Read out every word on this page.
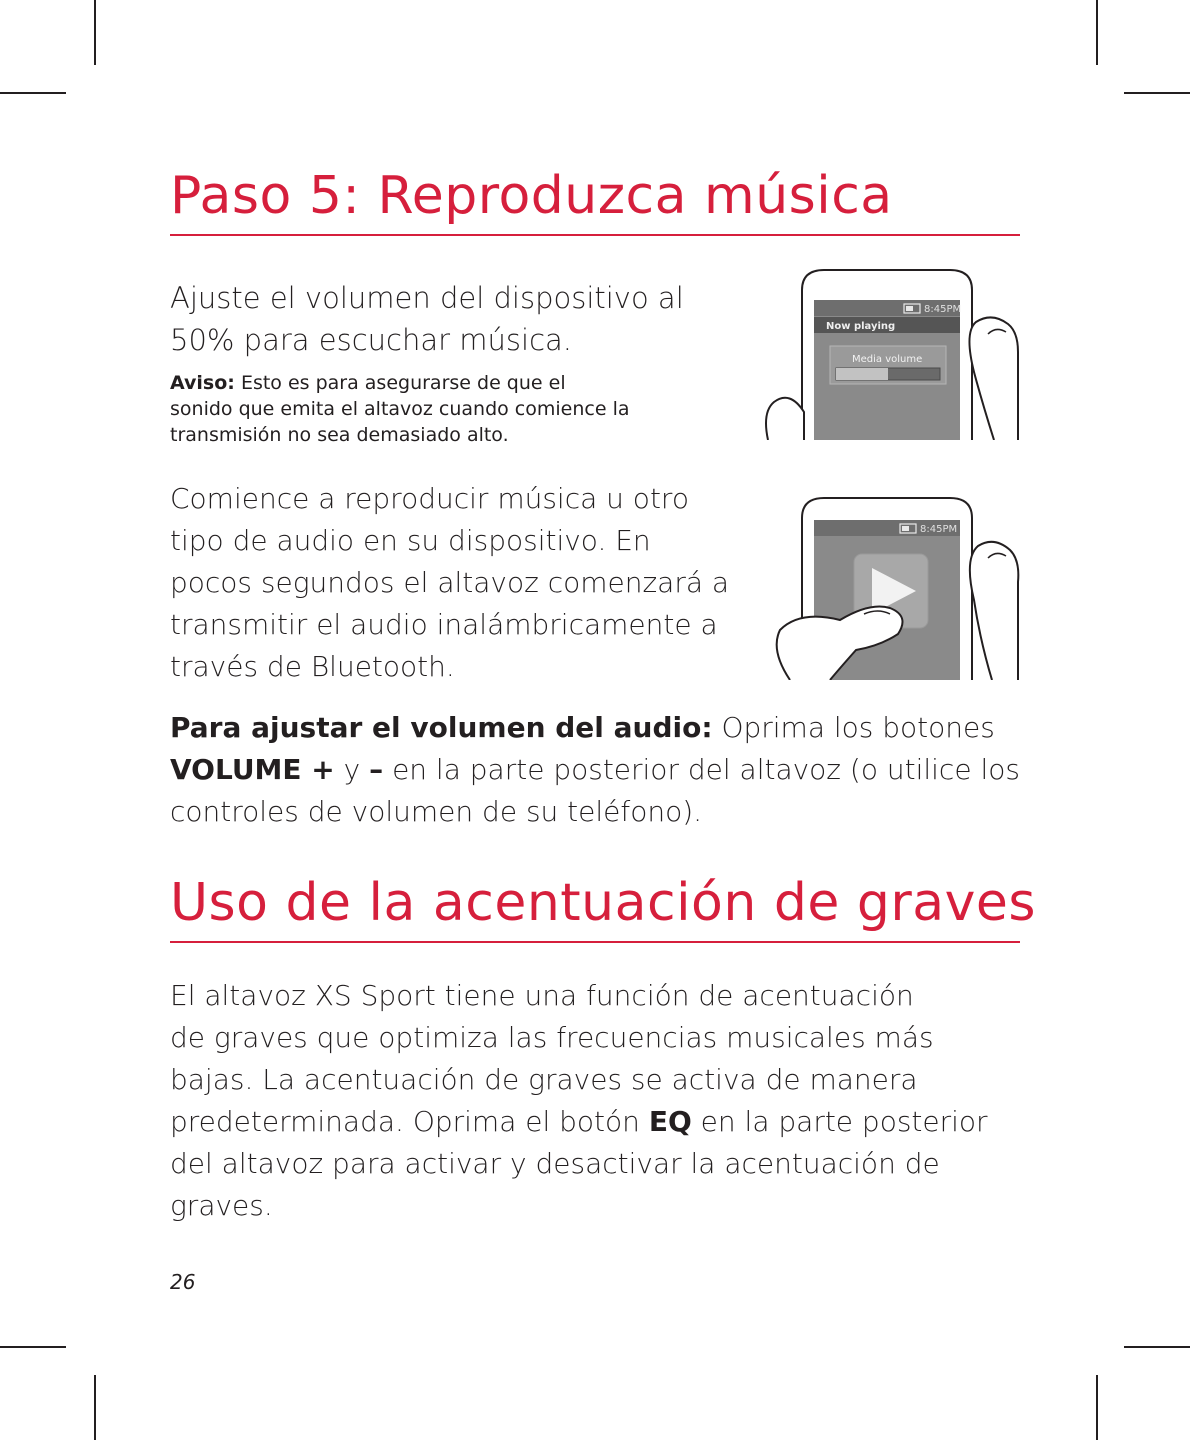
Paso 5: Reproduzca música
Ajuste el volumen del dispositivo al
50% para escuchar música.
Aviso: Esto es para asegurarse de que el
sonido que emita el altavoz cuando comience la
transmisión no sea demasiado alto.
Comience a reproducir música u otro
tipo de audio en su dispositivo. En
pocos segundos el altavoz comenzará a
transmitir el audio inalámbricamente a
través de Bluetooth.
Para ajustar el volumen del audio: Oprima los botones
VOLUME + y – en la parte posterior del altavoz (o utilice los
controles de volumen de su teléfono).
8:45PM
Now playing
Media volume
8:45PM
Uso de la acentuación de graves
El altavoz XS Sport tiene una función de acentuación
de graves que optimiza las frecuencias musicales más
bajas. La acentuación de graves se activa de manera
predeterminada. Oprima el botón EQ en la parte posterior
del altavoz para activar y desactivar la acentuación de
graves.
26
